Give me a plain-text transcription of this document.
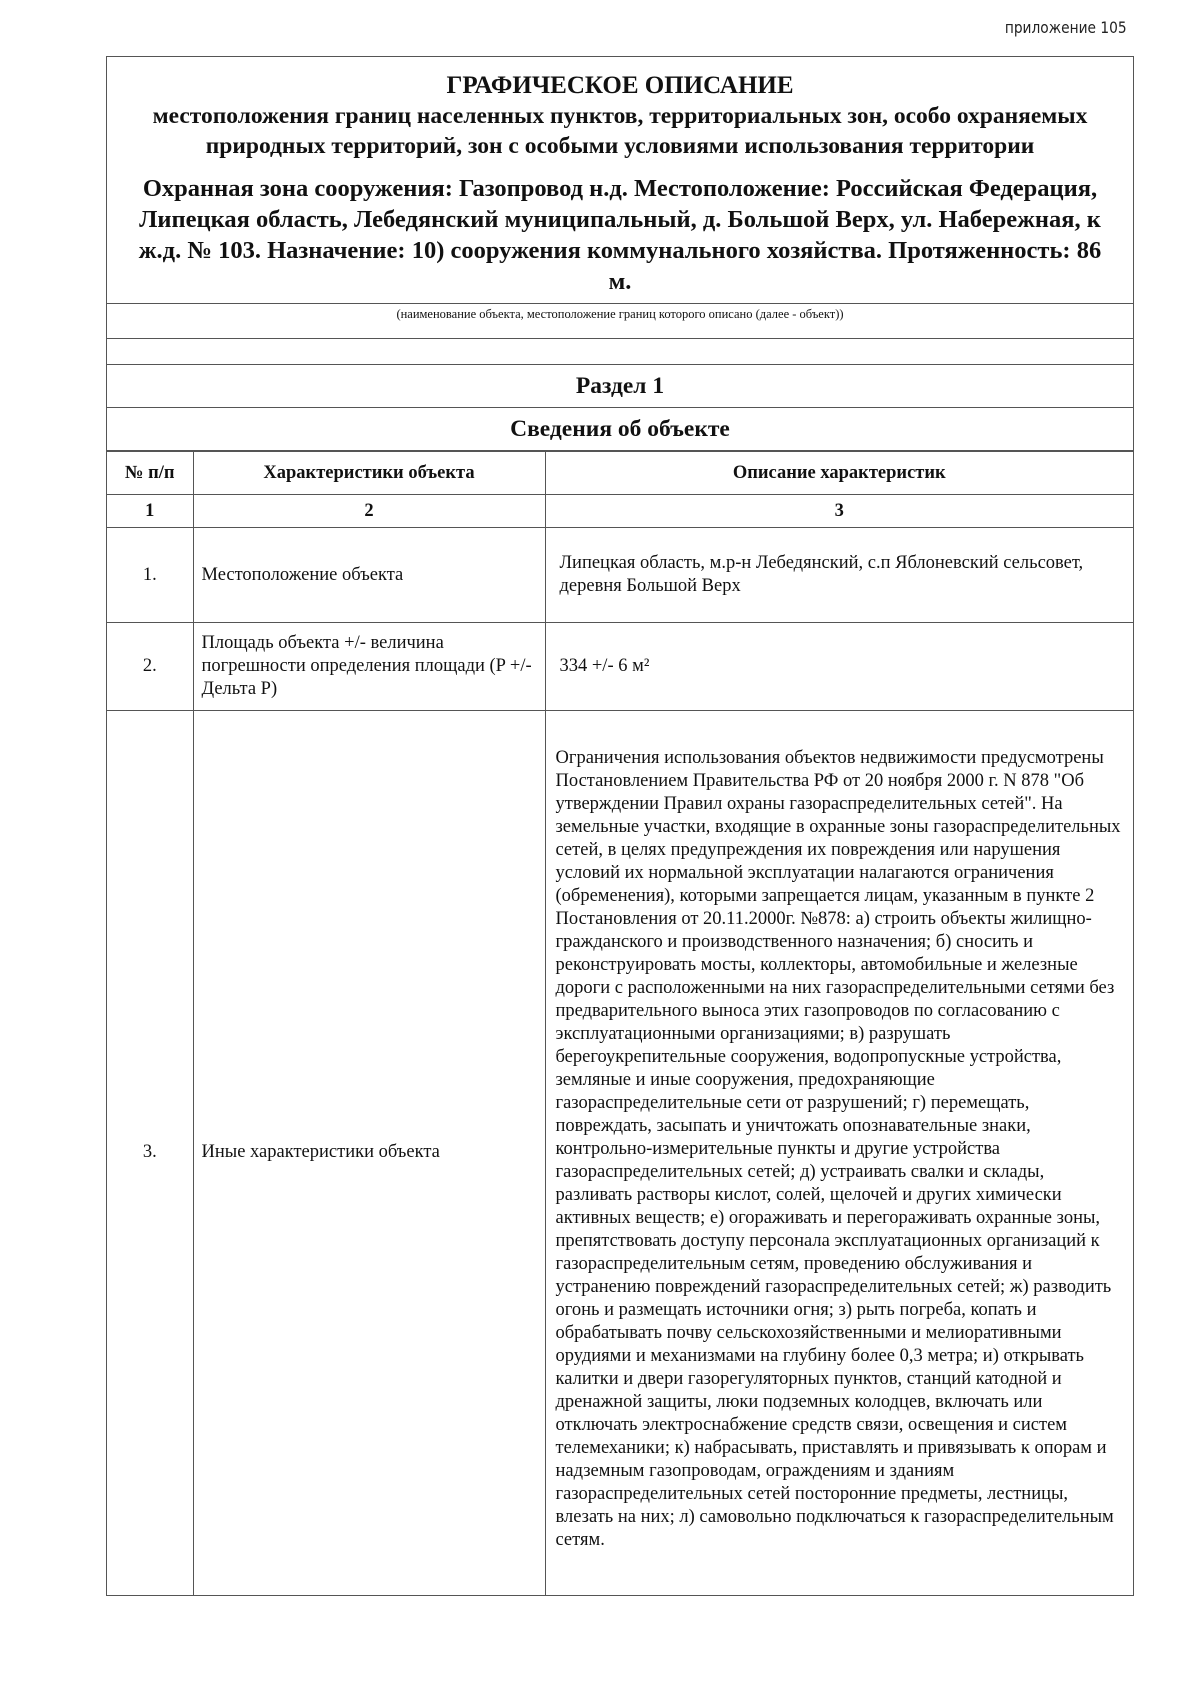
приложение 105
ГРАФИЧЕСКОЕ ОПИСАНИЕ
местоположения границ населенных пунктов, территориальных зон, особо охраняемых природных территорий, зон с особыми условиями использования территории
Охранная зона сооружения: Газопровод н.д. Местоположение: Российская Федерация, Липецкая область, Лебедянский муниципальный, д. Большой Верх, ул. Набережная, к ж.д. № 103. Назначение: 10) сооружения коммунального хозяйства. Протяженность: 86 м.
(наименование объекта, местоположение границ которого описано (далее - объект))
Раздел 1
Сведения об объекте
№ п/п	Характеристики объекта	Описание характеристик
1	2	3
1.	Местоположение объекта	Липецкая область, м.р-н Лебедянский, с.п Яблоневский сельсовет, деревня Большой Верх
2.	Площадь объекта +/- величина погрешности определения площади (P +/- Дельта P)	334 +/- 6 м²
3.	Иные характеристики объекта	Ограничения использования объектов недвижимости предусмотрены Постановлением Правительства РФ от 20 ноября 2000 г. N 878 "Об утверждении Правил охраны газораспределительных сетей". На земельные участки, входящие в охранные зоны газораспределительных сетей, в целях предупреждения их повреждения или нарушения условий их нормальной эксплуатации налагаются ограничения (обременения), которыми запрещается лицам, указанным в пункте 2 Постановления от 20.11.2000г. №878: а) строить объекты жилищно-гражданского и производственного назначения; б) сносить и реконструировать мосты, коллекторы, автомобильные и железные дороги с расположенными на них газораспределительными сетями без предварительного выноса этих газопроводов по согласованию с эксплуатационными организациями; в) разрушать берегоукрепительные сооружения, водопропускные устройства, земляные и иные сооружения, предохраняющие газораспределительные сети от разрушений; г) перемещать, повреждать, засыпать и уничтожать опознавательные знаки, контрольно-измерительные пункты и другие устройства газораспределительных сетей; д) устраивать свалки и склады, разливать растворы кислот, солей, щелочей и других химически активных веществ; е) огораживать и перегораживать охранные зоны, препятствовать доступу персонала эксплуатационных организаций к газораспределительным сетям, проведению обслуживания и устранению повреждений газораспределительных сетей; ж) разводить огонь и размещать источники огня; з) рыть погреба, копать и обрабатывать почву сельскохозяйственными и мелиоративными орудиями и механизмами на глубину более 0,3 метра; и) открывать калитки и двери газорегуляторных пунктов, станций катодной и дренажной защиты, люки подземных колодцев, включать или отключать электроснабжение средств связи, освещения и систем телемеханики; к) набрасывать, приставлять и привязывать к опорам и надземным газопроводам, ограждениям и зданиям газораспределительных сетей посторонние предметы, лестницы, влезать на них; л) самовольно подключаться к газораспределительным сетям.
